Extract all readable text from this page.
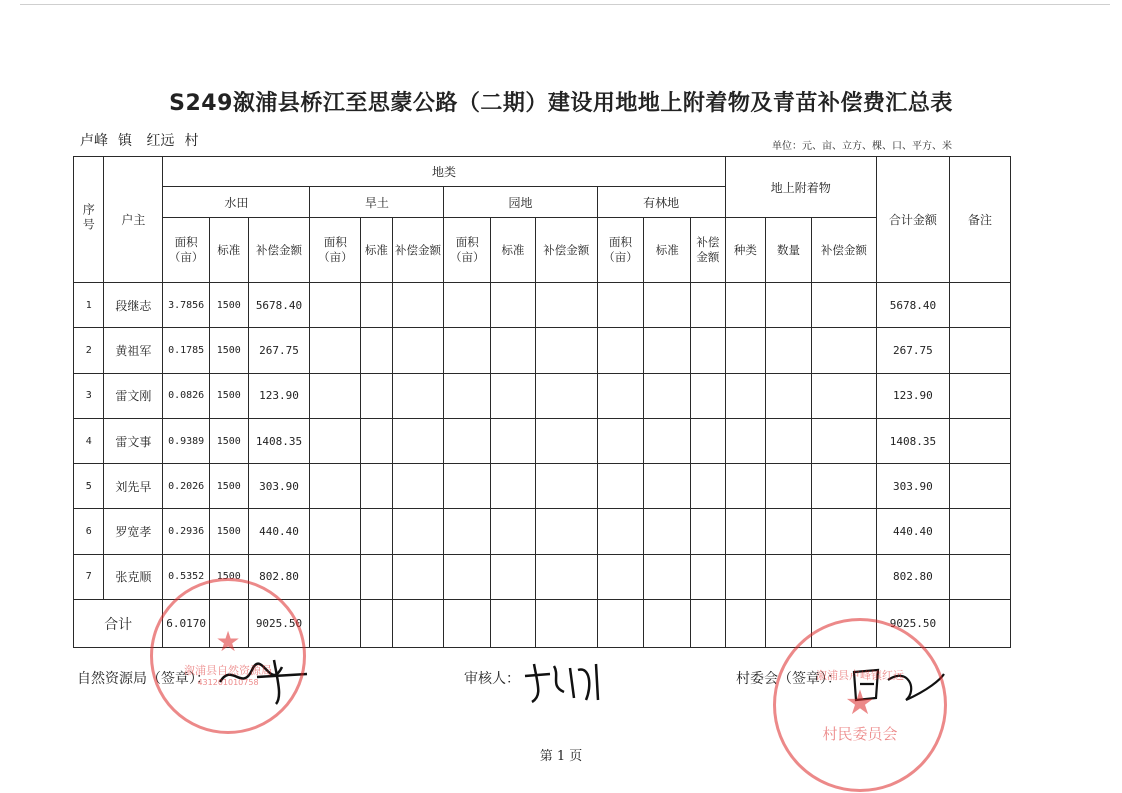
S249溆浦县桥江至思蒙公路（二期）建设用地地上附着物及青苗补偿费汇总表
卢峰 镇 红远 村	单位：元、亩、立方、棵、口、平方、米
序号	户主	地类												地上附着物			合计金额	备注
		水田			旱土			园地			有林地							
		面积（亩）	标准	补偿金额	面积（亩）	标准	补偿金额	面积（亩）	标准	补偿金额	面积（亩）	标准	补偿金额	种类	数量	补偿金额		
1	段继志	3.7856	1500	5678.40													5678.40	
2	黄祖军	0.1785	1500	267.75													267.75	
3	雷文刚	0.0826	1500	123.90													123.90	
4	雷文事	0.9389	1500	1408.35													1408.35	
5	刘先早	0.2026	1500	303.90													303.90	
6	罗宽孝	0.2936	1500	440.40													440.40	
7	张克顺	0.5352	1500	802.80													802.80	
合计		6.0170		9025.50													9025.50	
自然资源局（签章）：	审核人：	村委会（签章）：
★
溆浦县自然资源局
431201010758
溆浦县卢峰镇红远
★
村民委员会
第 1 页
